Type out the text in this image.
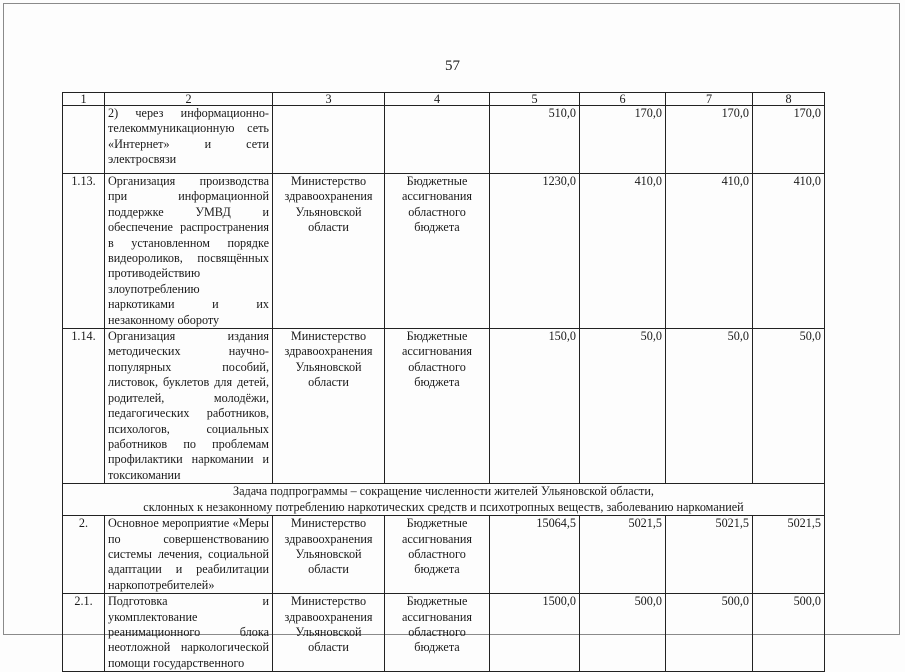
57
1	2	3	4	5	6	7	8
	2) через информационно-телекоммуникационную сеть «Интернет» и сети электросвязи			510,0	170,0	170,0	170,0
1.13.	Организация производства при информационной поддержке УМВД и обеспечение распространения в установленном порядке видеороликов, посвящённых противодействию злоупотреблению наркотиками и их незаконному обороту	Министерство здравоохранения Ульяновской области	Бюджетные ассигнования областного бюджета	1230,0	410,0	410,0	410,0
1.14.	Организация издания методических научно-популярных пособий, листовок, буклетов для детей, родителей, молодёжи, педагогических работников, психологов, социальных работников по проблемам профилактики наркомании и токсикомании	Министерство здравоохранения Ульяновской области	Бюджетные ассигнования областного бюджета	150,0	50,0	50,0	50,0

Задача подпрограммы – сокращение численности жителей Ульяновской области,
склонных к незаконному потреблению наркотических средств и психотропных веществ, заболеванию наркоманией							

2.	Основное мероприятие «Меры по совершенствованию системы лечения, социальной адаптации и реабилитации наркопотребителей»	Министерство здравоохранения Ульяновской области	Бюджетные ассигнования областного бюджета	15064,5	5021,5	5021,5	5021,5
2.1.	Подготовка и укомплектование реанимационного блока неотложной наркологической помощи государственного	Министерство здравоохранения Ульяновской области	Бюджетные ассигнования областного бюджета	1500,0	500,0	500,0	500,0
